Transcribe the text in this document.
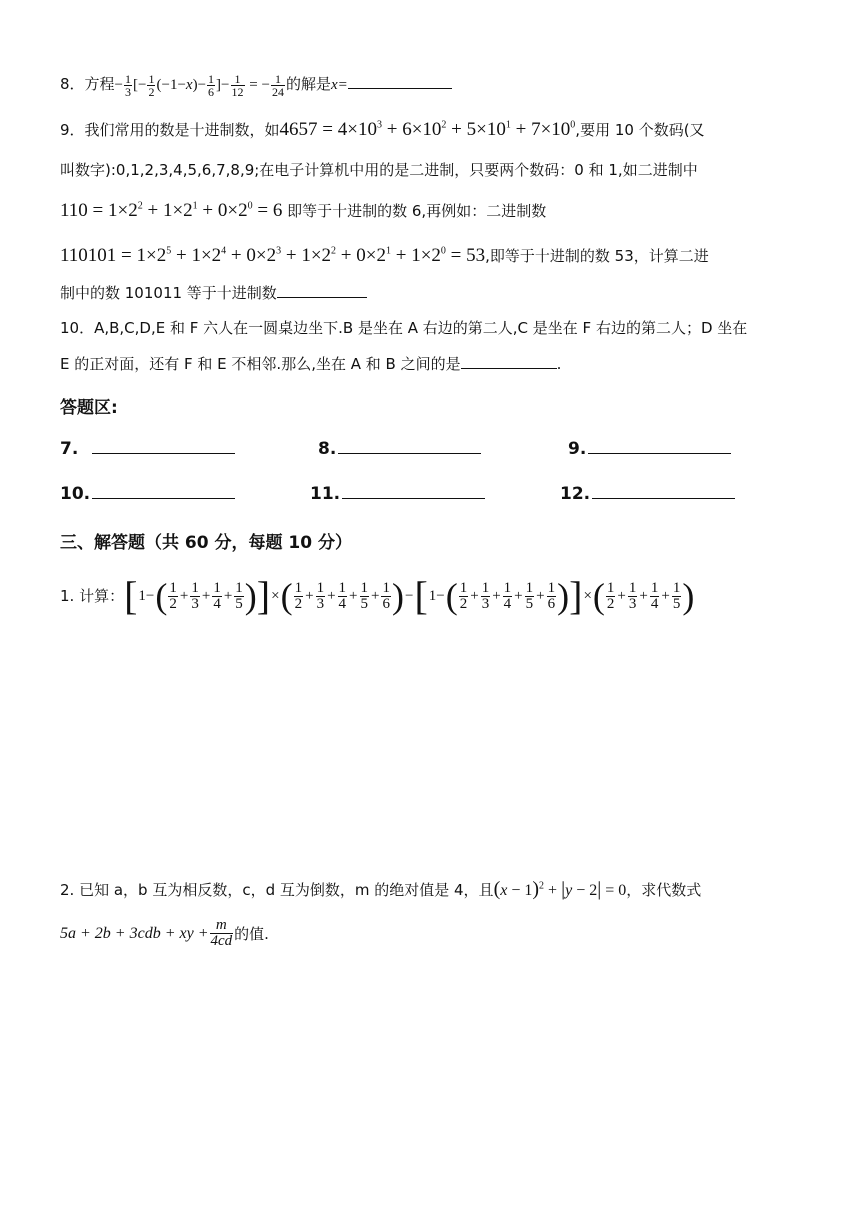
8．方程− $\frac{1}{3}$ [− $\frac{1}{2} (-1-x)- \frac{1}{6}$ ]− $\frac{1}{12}$ = − $\frac{1}{24}$ 的解是x=
9．我们常用的数是十进制数，如$4657 = 4\times 10^3 + 6\times 10^2 + 5\times 10^1 + 7\times 10^0$,要用 10 个数码(又
叫数字):0,1,2,3,4,5,6,7,8,9;在电子计算机中用的是二进制，只要两个数码：0 和 1,如二进制中
$110 = 1\times 2^2 + 1\times 2^1 + 0\times 2^0 = 6$ 即等于十进制的数 6,再例如：二进制数
$110101 = 1\times 2^5 + 1\times 2^4 + 0\times 2^3 + 1\times 2^2 + 0\times 2^1 + 1\times 2^0 = 53$,即等于十进制的数 53，计算二进
制中的数 101011 等于十进制数
10．A,B,C,D,E 和 F 六人在一圆桌边坐下.B 是坐在 A 右边的第二人,C 是坐在 F 右边的第二人；D 坐在
E 的正对面，还有 F 和 E 不相邻.那么,坐在 A 和 B 之间的是	.
答题区:
7.	8.	9.
10.	11.	12.
三、解答题（共 60 分，每题 10 分）
1. 计算： [ 1− ( $\frac{1}{2} + \frac{1}{3} + \frac{1}{4} + \frac{1}{5}$ ) ] × ( $\frac{1}{2} + \frac{1}{3} + \frac{1}{4} + \frac{1}{5} + \frac{1}{6}$ ) − [ 1− ( $\frac{1}{2} + \frac{1}{3} + \frac{1}{4} + \frac{1}{5} + \frac{1}{6}$ ) ] × ( $\frac{1}{2} + \frac{1}{3} + \frac{1}{4} + \frac{1}{5}$ )
2. 已知 a，b 互为相反数，c，d 互为倒数，m 的绝对值是 4，且$(x - 1)^2 + |y - 2| = 0$，求代数式
5a + 2b + 3cdb + xy + $\frac{m}{4cd}$ 的值.
